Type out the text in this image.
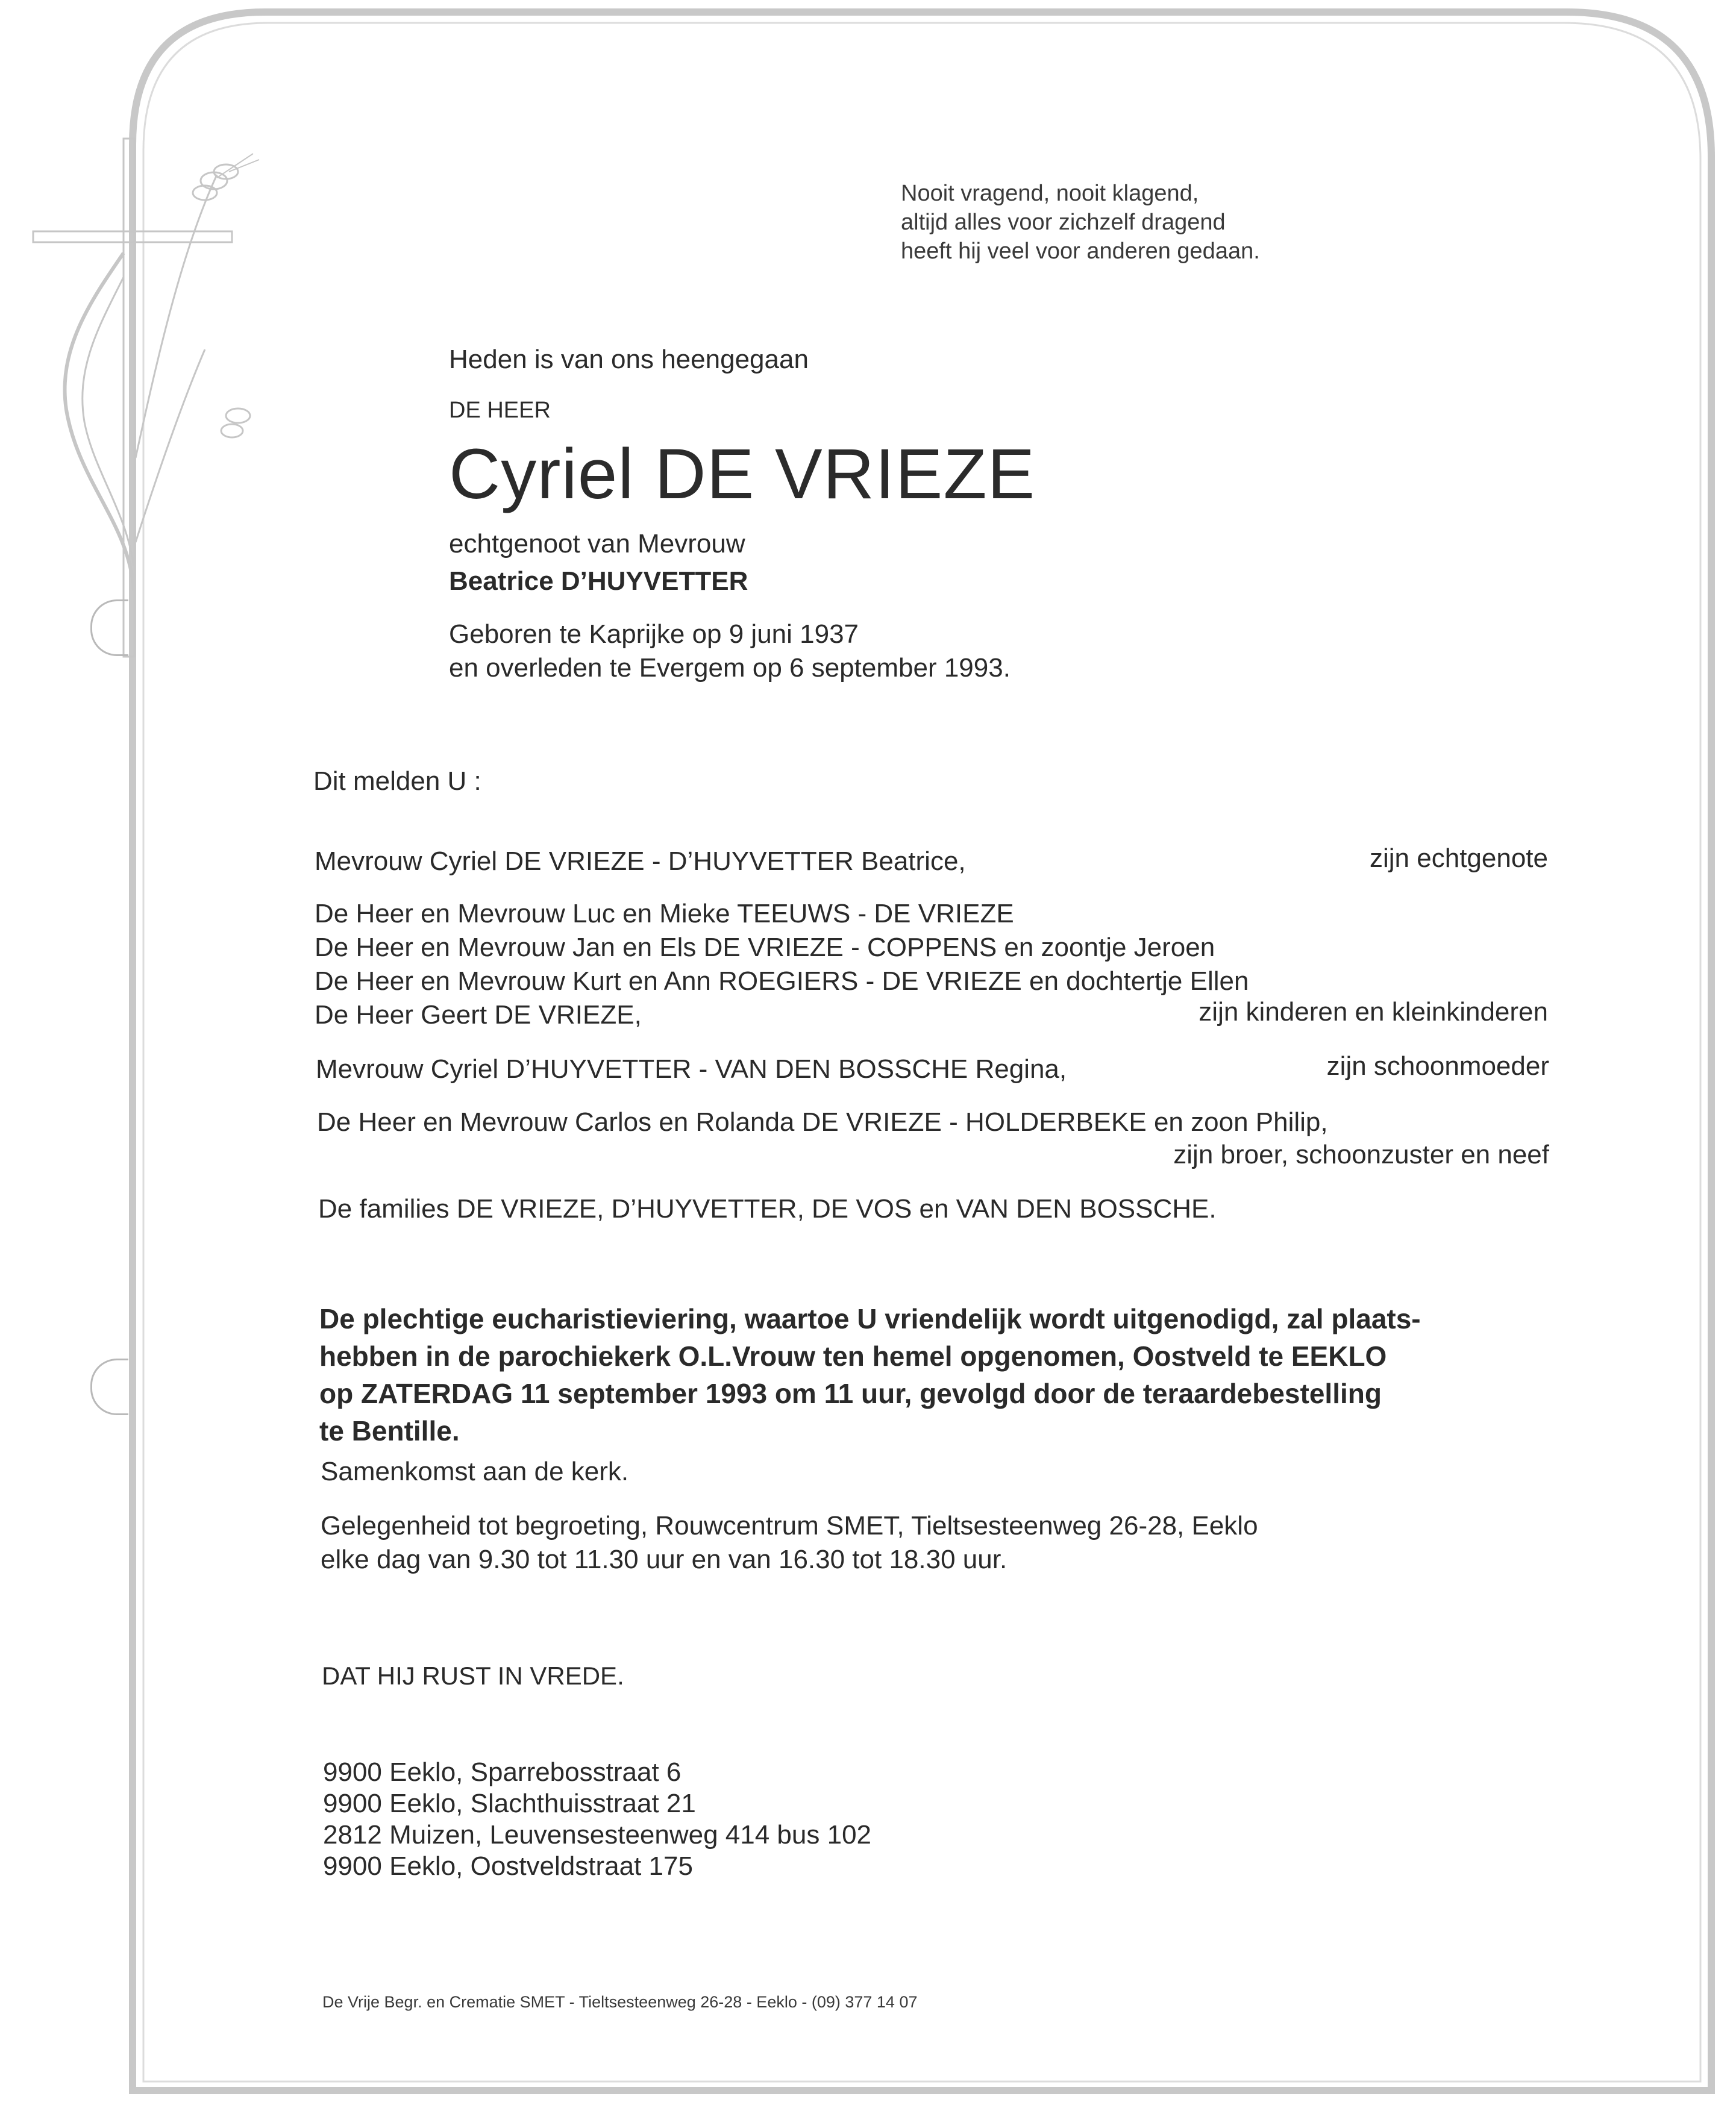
Nooit vragend, nooit klagend,

altijd alles voor zichzelf dragend

heeft hij veel voor anderen gedaan.

Heden is van ons heengegaan

DE HEER

Cyriel DE VRIEZE

echtgenoot van Mevrouw

Beatrice D’HUYVETTER

Geboren te Kaprijke op 9 juni 1937

en overleden te Evergem op 6 september 1993.

Dit melden U :

Mevrouw Cyriel DE VRIEZE - D’HUYVETTER Beatrice,	zijn echtgenote

De Heer en Mevrouw Luc en Mieke TEEUWS - DE VRIEZE

De Heer en Mevrouw Jan en Els DE VRIEZE - COPPENS en zoontje Jeroen

De Heer en Mevrouw Kurt en Ann ROEGIERS - DE VRIEZE en dochtertje Ellen

De Heer Geert DE VRIEZE,	zijn kinderen en kleinkinderen

Mevrouw Cyriel D’HUYVETTER - VAN DEN BOSSCHE Regina,	zijn schoonmoeder

De Heer en Mevrouw Carlos en Rolanda DE VRIEZE - HOLDERBEKE en zoon Philip,

zijn broer, schoonzuster en neef

De families DE VRIEZE, D’HUYVETTER, DE VOS en VAN DEN BOSSCHE.

De plechtige eucharistieviering, waartoe U vriendelijk wordt uitgenodigd, zal plaats-
hebben in de parochiekerk O.L.Vrouw ten hemel opgenomen, Oostveld te EEKLO
op ZATERDAG 11 september 1993 om 11 uur, gevolgd door de teraardebestelling
te Bentille.

Samenkomst aan de kerk.

Gelegenheid tot begroeting, Rouwcentrum SMET, Tieltsesteenweg 26-28, Eeklo

elke dag van 9.30 tot 11.30 uur en van 16.30 tot 18.30 uur.

DAT HIJ RUST IN VREDE.

9900 Eeklo, Sparrebosstraat 6
9900 Eeklo, Slachthuisstraat 21
2812 Muizen, Leuvensesteenweg 414 bus 102
9900 Eeklo, Oostveldstraat 175

De Vrije Begr. en Crematie SMET - Tieltsesteenweg 26-28 - Eeklo - (09) 377 14 07
